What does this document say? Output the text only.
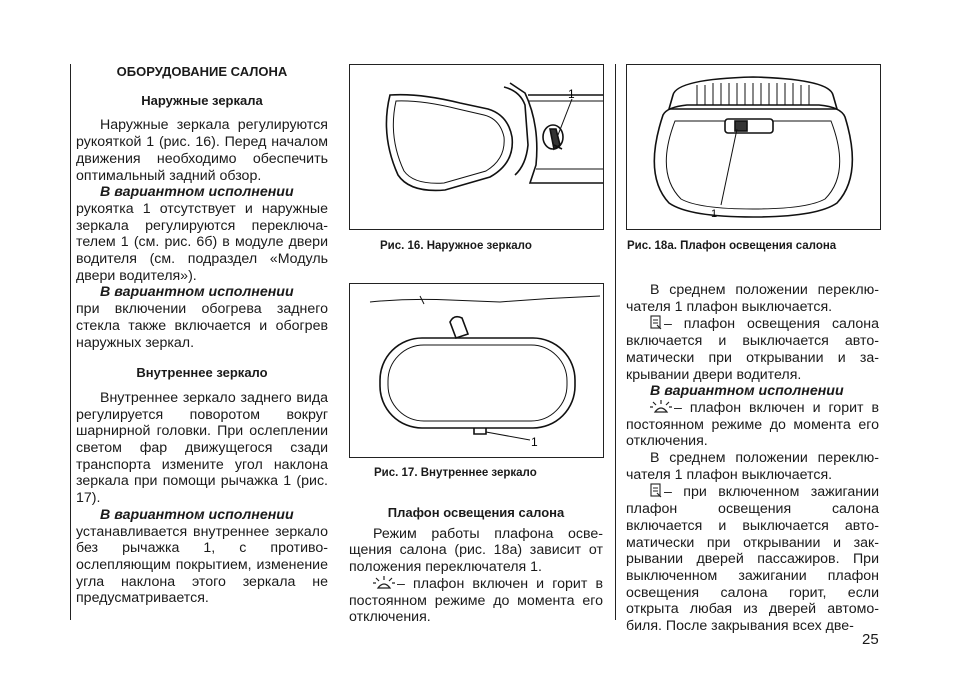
ОБОРУДОВАНИЕ САЛОНА

Наружные зеркала

Наружные зеркала регулируются рукояткой 1 (рис. 16). Перед началом движения необходимо обеспечить оптимальный задний обзор.

В вариантном исполнении

рукоятка 1 отсутствует и наружные зеркала регулируются переключателем 1 (см. рис. 6б) в модуле двери водителя (см. подраздел «Модуль двери водителя»).

В вариантном исполнении

при включении обогрева заднего стекла также включается и обогрев наружных зеркал.

Внутреннее зеркало

Внутреннее зеркало заднего вида регулируется поворотом вокруг шарнирной головки. При ослеплении светом фар движущегося сзади транспорта измените угол наклона зеркала при помощи рычажка 1 (рис. 17).

В вариантном исполнении

устанавливается внутреннее зеркало без рычажка 1, с противоослепляющим покрытием, изменение угла наклона этого зеркала не предусматривается.

1
Рис. 16. Наружное зеркало
1
Рис. 17. Внутреннее зеркало

Плафон освещения салона

Режим работы плафона освещения салона (рис. 18а) зависит от положения переключателя 1.

– плафон включен и горит в постоянном режиме до момента его отключения.

1
Рис. 18а. Плафон освещения салона

В среднем положении переключателя 1 плафон выключается.

– плафон освещения салона включается и выключается автоматически при открывании и закрывании двери водителя.

В вариантном исполнении

– плафон включен и горит в постоянном режиме до момента его отключения.

В среднем положении переключателя 1 плафон выключается.

– при включенном зажигании плафон освещения салона включается и выключается автоматически при открывании и закрывании дверей пассажиров. При выключенном зажигании плафон освещения салона горит, если открыта любая из дверей автомобиля. После закрывания всех две-

25
